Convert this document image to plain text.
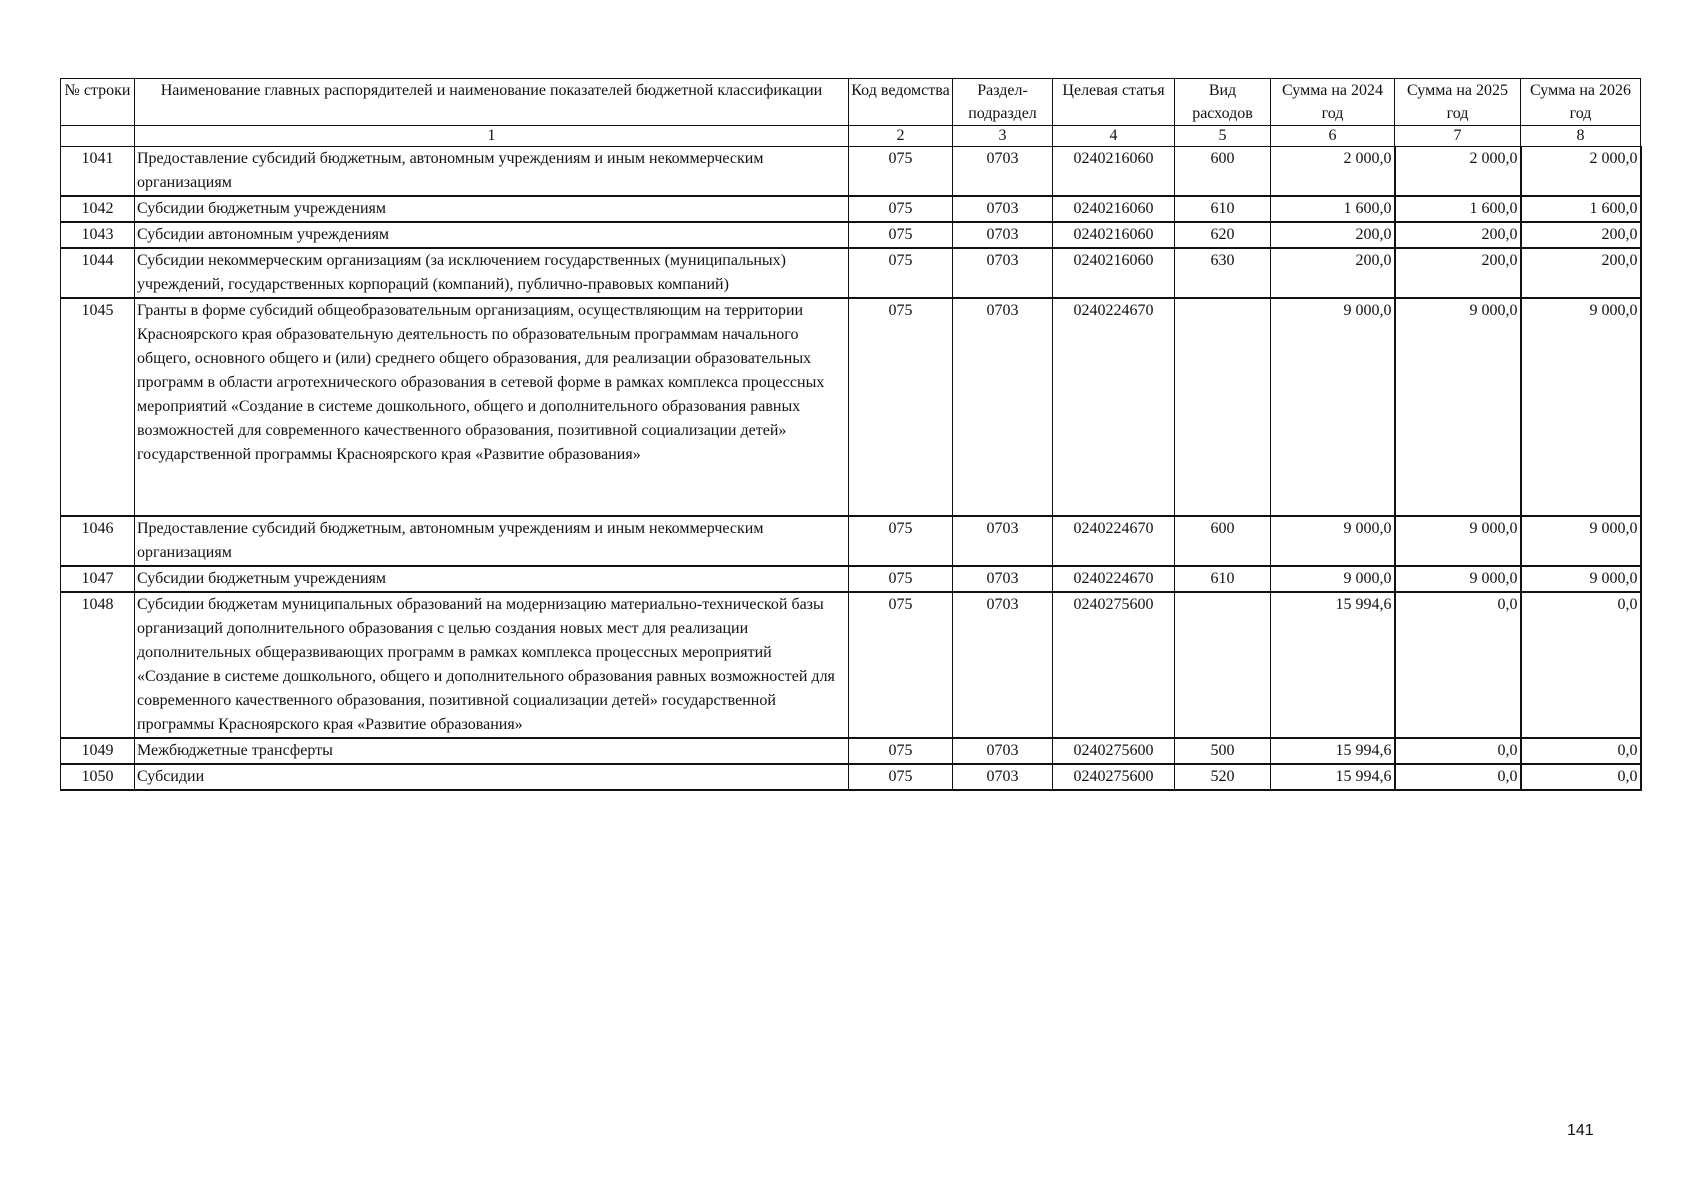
№ строки	Наименование главных распорядителей и наименование показателей бюджетной классификации	Код ведомства	Раздел-подраздел	Целевая статья	Вид расходов	Сумма на 2024 год	Сумма на 2025 год	Сумма на 2026 год
	1	2	3	4	5	6	7	8
1041	Предоставление субсидий бюджетным, автономным учреждениям и иным некоммерческим организациям	075	0703	0240216060	600	2 000,0	2 000,0	2 000,0
1042	Субсидии бюджетным учреждениям	075	0703	0240216060	610	1 600,0	1 600,0	1 600,0
1043	Субсидии автономным учреждениям	075	0703	0240216060	620	200,0	200,0	200,0
1044	Субсидии некоммерческим организациям (за исключением государственных (муниципальных) учреждений, государственных корпораций (компаний), публично-правовых компаний)	075	0703	0240216060	630	200,0	200,0	200,0
1045	Гранты в форме субсидий общеобразовательным организациям, осуществляющим на территории Красноярского края образовательную деятельность по образовательным программам начального общего, основного общего и (или) среднего общего образования, для реализации образовательных программ в области агротехнического образования в сетевой форме в рамках комплекса процессных мероприятий «Создание в системе дошкольного, общего и дополнительного образования равных возможностей для современного качественного образования, позитивной социализации детей» государственной программы Красноярского края «Развитие образования»	075	0703	0240224670		9 000,0	9 000,0	9 000,0
1046	Предоставление субсидий бюджетным, автономным учреждениям и иным некоммерческим организациям	075	0703	0240224670	600	9 000,0	9 000,0	9 000,0
1047	Субсидии бюджетным учреждениям	075	0703	0240224670	610	9 000,0	9 000,0	9 000,0
1048	Субсидии бюджетам муниципальных образований на модернизацию материально-технической базы организаций дополнительного образования с целью создания новых мест для реализации дополнительных общеразвивающих программ в рамках комплекса процессных мероприятий «Создание в системе дошкольного, общего и дополнительного образования равных возможностей для современного качественного образования, позитивной социализации детей» государственной программы Красноярского края «Развитие образования»	075	0703	0240275600		15 994,6	0,0	0,0
1049	Межбюджетные трансферты	075	0703	0240275600	500	15 994,6	0,0	0,0
1050	Субсидии	075	0703	0240275600	520	15 994,6	0,0	0,0
141
